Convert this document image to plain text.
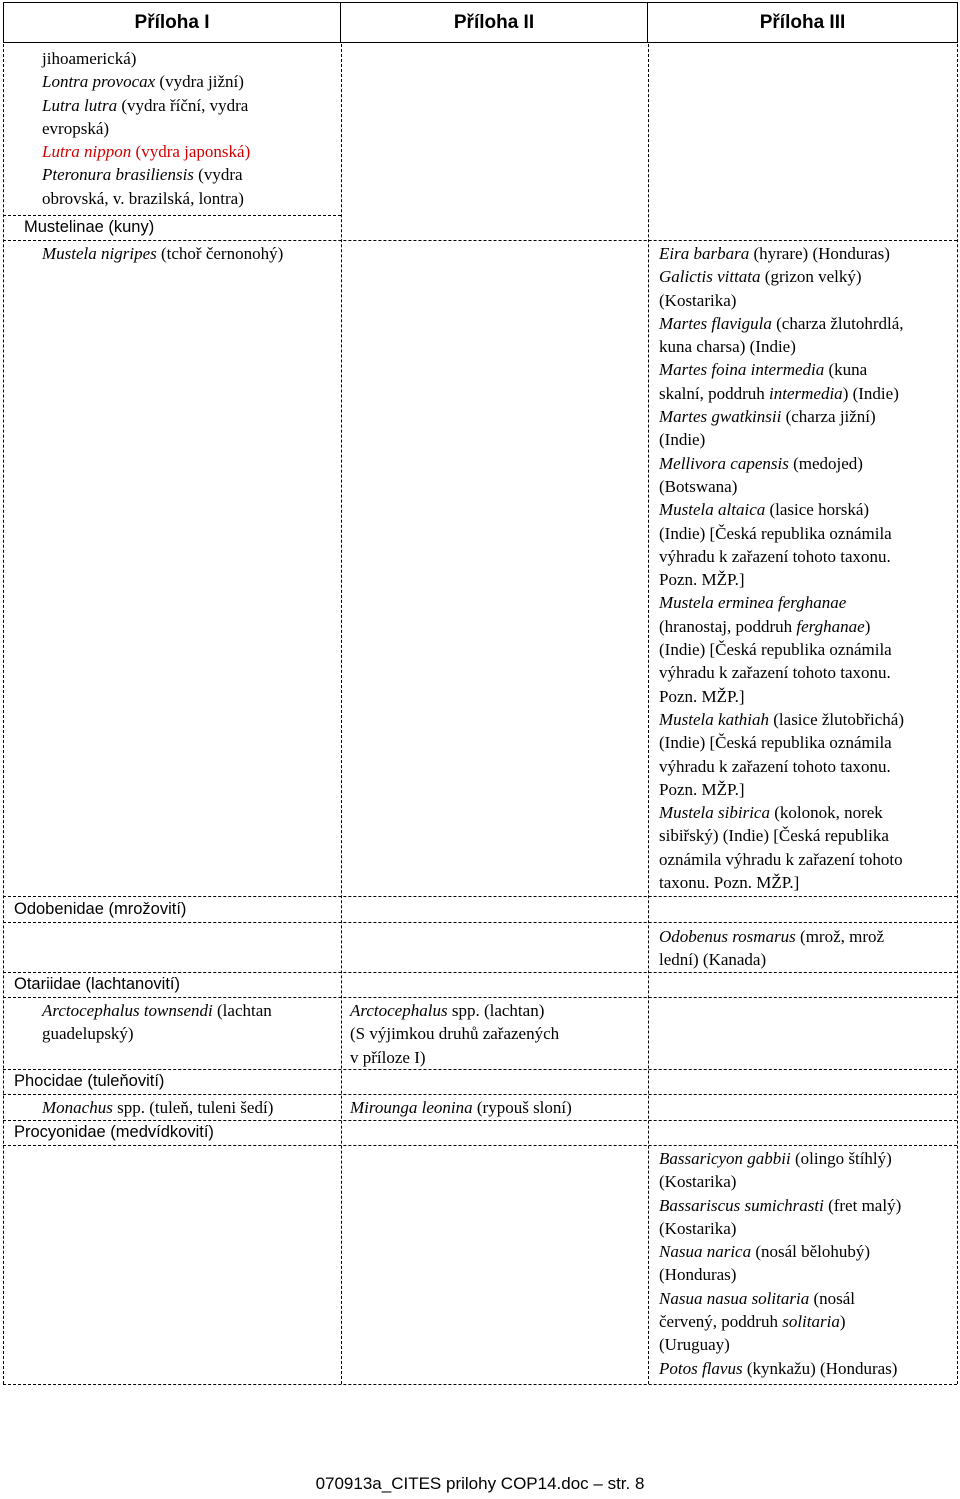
Příloha I	Příloha II	Příloha III
jihoamerická)
Lontra provocax (vydra jižní)
Lutra lutra (vydra říční, vydra
evropská)
Lutra nippon (vydra japonská)
Pteronura brasiliensis (vydra
obrovská, v. brazilská, lontra)
Mustelinae (kuny)
Mustela nigripes (tchoř černonohý)
Odobenidae (mrožovití)
Otariidae (lachtanovití)
Arctocephalus townsendi (lachtan
guadelupský)
Phocidae (tuleňovití)
Monachus spp. (tuleň, tuleni šedí)
Procyonidae (medvídkovití)
Arctocephalus spp. (lachtan)
(S výjimkou druhů zařazených
v příloze I)
Mirounga leonina (rypouš sloní)
Eira barbara (hyrare) (Honduras)
Galictis vittata (grizon velký)
(Kostarika)
Martes flavigula (charza žlutohrdlá,
kuna charsa) (Indie)
Martes foina intermedia (kuna
skalní, poddruh intermedia) (Indie)
Martes gwatkinsii (charza jižní)
(Indie)
Mellivora capensis (medojed)
(Botswana)
Mustela altaica (lasice horská)
(Indie) [Česká republika oznámila
výhradu k zařazení tohoto taxonu.
Pozn. MŽP.]
Mustela erminea ferghanae
(hranostaj, poddruh ferghanae)
(Indie) [Česká republika oznámila
výhradu k zařazení tohoto taxonu.
Pozn. MŽP.]
Mustela kathiah (lasice žlutobřichá)
(Indie) [Česká republika oznámila
výhradu k zařazení tohoto taxonu.
Pozn. MŽP.]
Mustela sibirica (kolonok, norek
sibiřský) (Indie) [Česká republika
oznámila výhradu k zařazení tohoto
taxonu. Pozn. MŽP.]
Odobenus rosmarus (mrož, mrož
lední) (Kanada)
Bassaricyon gabbii (olingo štíhlý)
(Kostarika)
Bassariscus sumichrasti (fret malý)
(Kostarika)
Nasua narica (nosál bělohubý)
(Honduras)
Nasua nasua solitaria (nosál
červený, poddruh solitaria)
(Uruguay)
Potos flavus (kynkažu) (Honduras)
070913a_CITES prilohy COP14.doc – str. 8
